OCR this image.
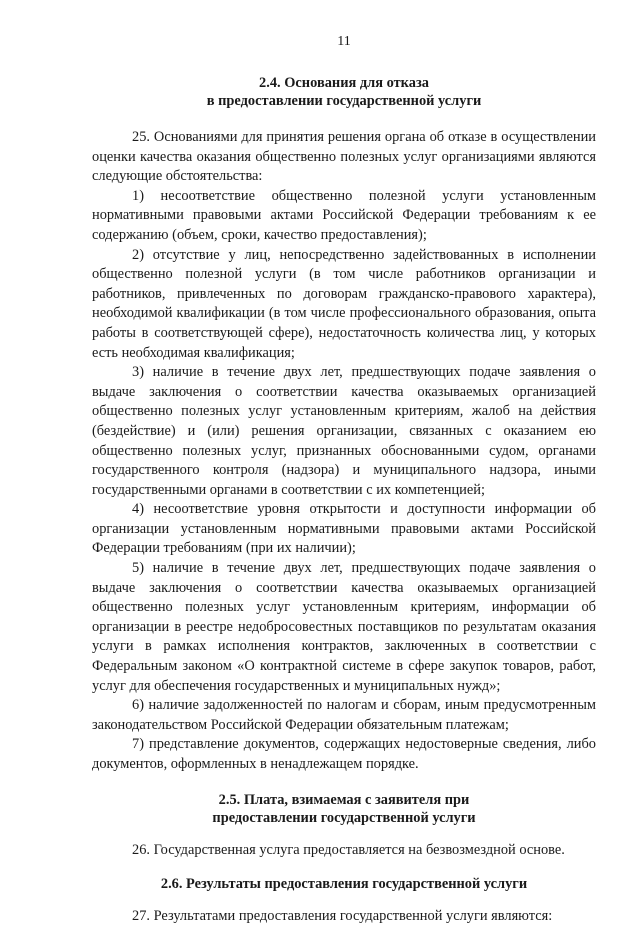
11
2.4. Основания для отказа
в предоставлении государственной услуги

25. Основаниями для принятия решения органа об отказе в осуществлении оценки качества оказания общественно полезных услуг организациями являются следующие обстоятельства:

1) несоответствие общественно полезной услуги установленным нормативными правовыми актами Российской Федерации требованиям к ее содержанию (объем, сроки, качество предоставления);

2) отсутствие у лиц, непосредственно задействованных в исполнении общественно полезной услуги (в том числе работников организации и работников, привлеченных по договорам гражданско-правового характера), необходимой квалификации (в том числе профессионального образования, опыта работы в соответствующей сфере), недостаточность количества лиц, у которых есть необходимая квалификация;

3) наличие в течение двух лет, предшествующих подаче заявления о выдаче заключения о соответствии качества оказываемых организацией общественно полезных услуг установленным критериям, жалоб на действия (бездействие) и (или) решения организации, связанных с оказанием ею общественно полезных услуг, признанных обоснованными судом, органами государственного контроля (надзора) и муниципального надзора, иными государственными органами в соответствии с их компетенцией;

4) несоответствие уровня открытости и доступности информации об организации установленным нормативными правовыми актами Российской Федерации требованиям (при их наличии);

5) наличие в течение двух лет, предшествующих подаче заявления о выдаче заключения о соответствии качества оказываемых организацией общественно полезных услуг установленным критериям, информации об организации в реестре недобросовестных поставщиков по результатам оказания услуги в рамках исполнения контрактов, заключенных в соответствии с Федеральным законом «О контрактной системе в сфере закупок товаров, работ, услуг для обеспечения государственных и муниципальных нужд»;

6) наличие задолженностей по налогам и сборам, иным предусмотренным законодательством Российской Федерации обязательным платежам;

7) представление документов, содержащих недостоверные сведения, либо документов, оформленных в ненадлежащем порядке.

2.5. Плата, взимаемая с заявителя при
предоставлении государственной услуги

26. Государственная услуга предоставляется на безвозмездной основе.

2.6. Результаты предоставления государственной услуги

27. Результатами предоставления государственной услуги являются:
